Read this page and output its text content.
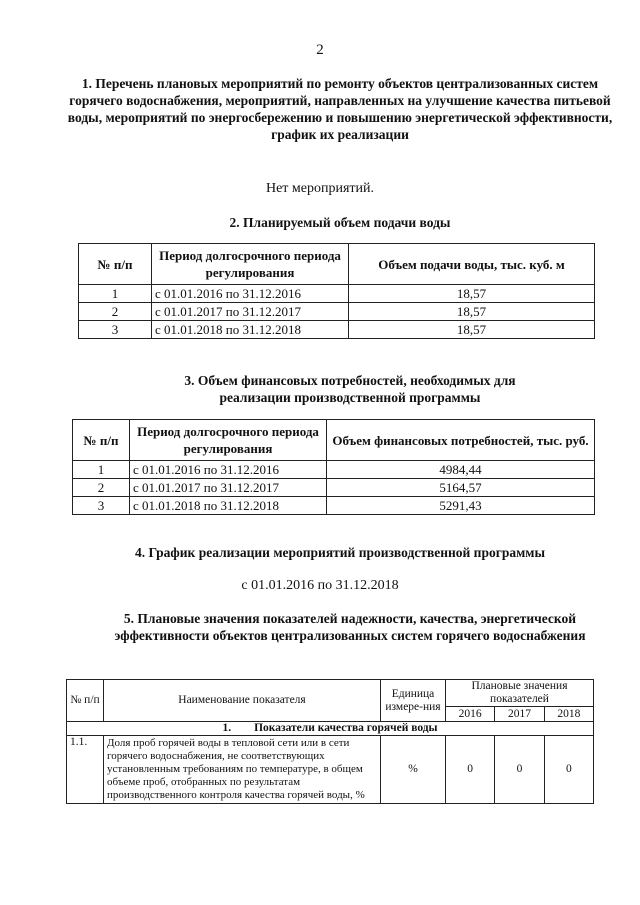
2
1. Перечень плановых мероприятий по ремонту объектов централизованных систем горячего водоснабжения, мероприятий, направленных на улучшение качества питьевой воды, мероприятий по энергосбережению и повышению энергетической эффективности, график их реализации
Нет мероприятий.
2. Планируемый объем подачи воды
№ п/п	Период долгосрочного периода регулирования	Объем подачи воды, тыс. куб. м
1	с 01.01.2016 по 31.12.2016	18,57
2	с 01.01.2017 по 31.12.2017	18,57
3	с 01.01.2018 по 31.12.2018	18,57
3. Объем финансовых потребностей, необходимых для реализации производственной программы
№ п/п	Период долгосрочного периода регулирования	Объем финансовых потребностей, тыс. руб.
1	с 01.01.2016 по 31.12.2016	4984,44
2	с 01.01.2017 по 31.12.2017	5164,57
3	с 01.01.2018 по 31.12.2018	5291,43
4. График реализации мероприятий производственной программы
с 01.01.2016 по 31.12.2018
5. Плановые значения показателей надежности, качества, энергетической эффективности объектов централизованных систем горячего водоснабжения
№ п/п	Наименование показателя	Единица измере-ния	Плановые значения показателей		
			2016	2017	2018
1. Показатели качества горячей воды					
1.1.	Доля проб горячей воды в тепловой сети или в сети горячего водоснабжения, не соответствующих установленным требованиям по температуре, в общем объеме проб, отобранных по результатам производственного контроля качества горячей воды, %	%	0	0	0
